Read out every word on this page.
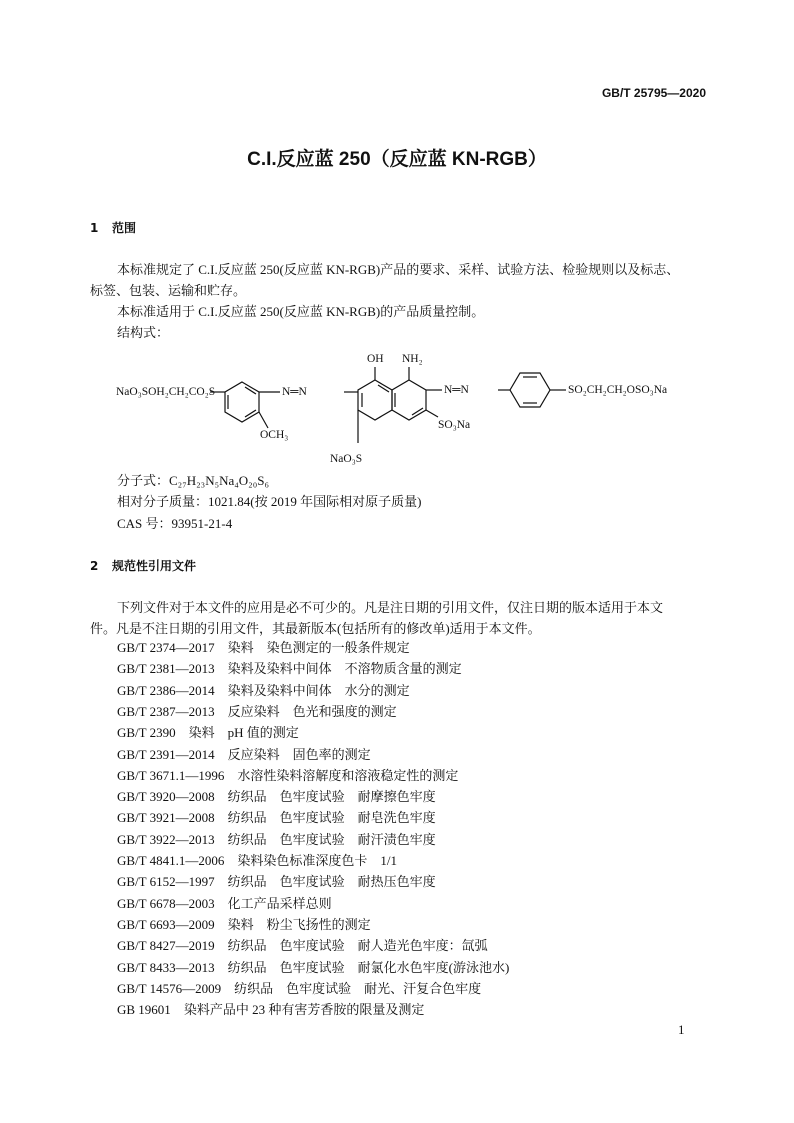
GB/T 25795—2020
C.I.反应蓝 250（反应蓝 KN-RGB）
1 范围
本标准规定了 C.I.反应蓝 250(反应蓝 KN-RGB)产品的要求、采样、试验方法、检验规则以及标志、
标签、包装、运输和贮存。
本标准适用于 C.I.反应蓝 250(反应蓝 KN-RGB)的产品质量控制。
结构式：
NaO₃SOH₂CH₂CO₂S	N═N
OCH₃
OH NH₂
N═N
SO₃Na
NaO₃S
SO₂CH₂CH₂OSO₃Na
分子式：C₂₇H₂₃N₅Na₄O₂₀S₆
相对分子质量：1021.84(按 2019 年国际相对原子质量)
CAS 号：93951-21-4
2 规范性引用文件
下列文件对于本文件的应用是必不可少的。凡是注日期的引用文件，仅注日期的版本适用于本文
件。凡是不注日期的引用文件，其最新版本(包括所有的修改单)适用于本文件。
GB/T 2374—2017　 染料　染色测定的一般条件规定
GB/T 2381—2013　 染料及染料中间体　不溶物质含量的测定
GB/T 2386—2014　 染料及染料中间体　水分的测定
GB/T 2387—2013　 反应染料　色光和强度的测定
GB/T 2390　 染料　pH 值的测定
GB/T 2391—2014　 反应染料　固色率的测定
GB/T 3671.1—1996　 水溶性染料溶解度和溶液稳定性的测定
GB/T 3920—2008　 纺织品　色牢度试验　耐摩擦色牢度
GB/T 3921—2008　 纺织品　色牢度试验　耐皂洗色牢度
GB/T 3922—2013　 纺织品　色牢度试验　耐汗渍色牢度
GB/T 4841.1—2006　 染料染色标准深度色卡　1/1
GB/T 6152—1997　 纺织品　色牢度试验　耐热压色牢度
GB/T 6678—2003　 化工产品采样总则
GB/T 6693—2009　 染料　粉尘飞扬性的测定
GB/T 8427—2019　 纺织品　色牢度试验　耐人造光色牢度：氙弧
GB/T 8433—2013　 纺织品　色牢度试验　耐氯化水色牢度(游泳池水)
GB/T 14576—2009　 纺织品　色牢度试验　耐光、汗复合色牢度
GB 19601　 染料产品中 23 种有害芳香胺的限量及测定
1
